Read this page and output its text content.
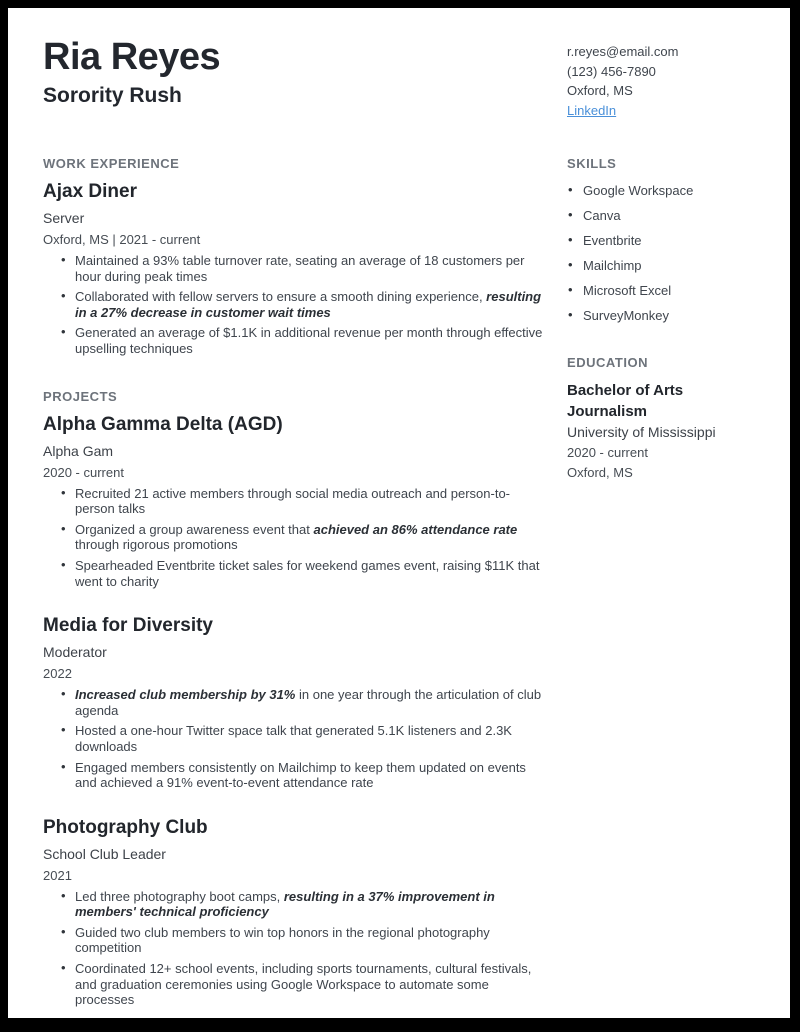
Ria Reyes
Sorority Rush
r.reyes@email.com
(123) 456-7890
Oxford, MS
LinkedIn
WORK EXPERIENCE
Ajax Diner
Server
Oxford, MS | 2021 - current
• Maintained a 93% table turnover rate, seating an average of 18 customers per hour during peak times
• Collaborated with fellow servers to ensure a smooth dining experience, resulting in a 27% decrease in customer wait times
• Generated an average of $1.1K in additional revenue per month through effective upselling techniques
PROJECTS
Alpha Gamma Delta (AGD)
Alpha Gam
2020 - current
• Recruited 21 active members through social media outreach and person-to-person talks
• Organized a group awareness event that achieved an 86% attendance rate through rigorous promotions
• Spearheaded Eventbrite ticket sales for weekend games event, raising $11K that went to charity
Media for Diversity
Moderator
2022
• Increased club membership by 31% in one year through the articulation of club agenda
• Hosted a one-hour Twitter space talk that generated 5.1K listeners and 2.3K downloads
• Engaged members consistently on Mailchimp to keep them updated on events and achieved a 91% event-to-event attendance rate
Photography Club
School Club Leader
2021
• Led three photography boot camps, resulting in a 37% improvement in members' technical proficiency
• Guided two club members to win top honors in the regional photography competition
• Coordinated 12+ school events, including sports tournaments, cultural festivals, and graduation ceremonies using Google Workspace to automate some processes
SKILLS
• Google Workspace
• Canva
• Eventbrite
• Mailchimp
• Microsoft Excel
• SurveyMonkey
EDUCATION
Bachelor of Arts
Journalism
University of Mississippi
2020 - current
Oxford, MS
